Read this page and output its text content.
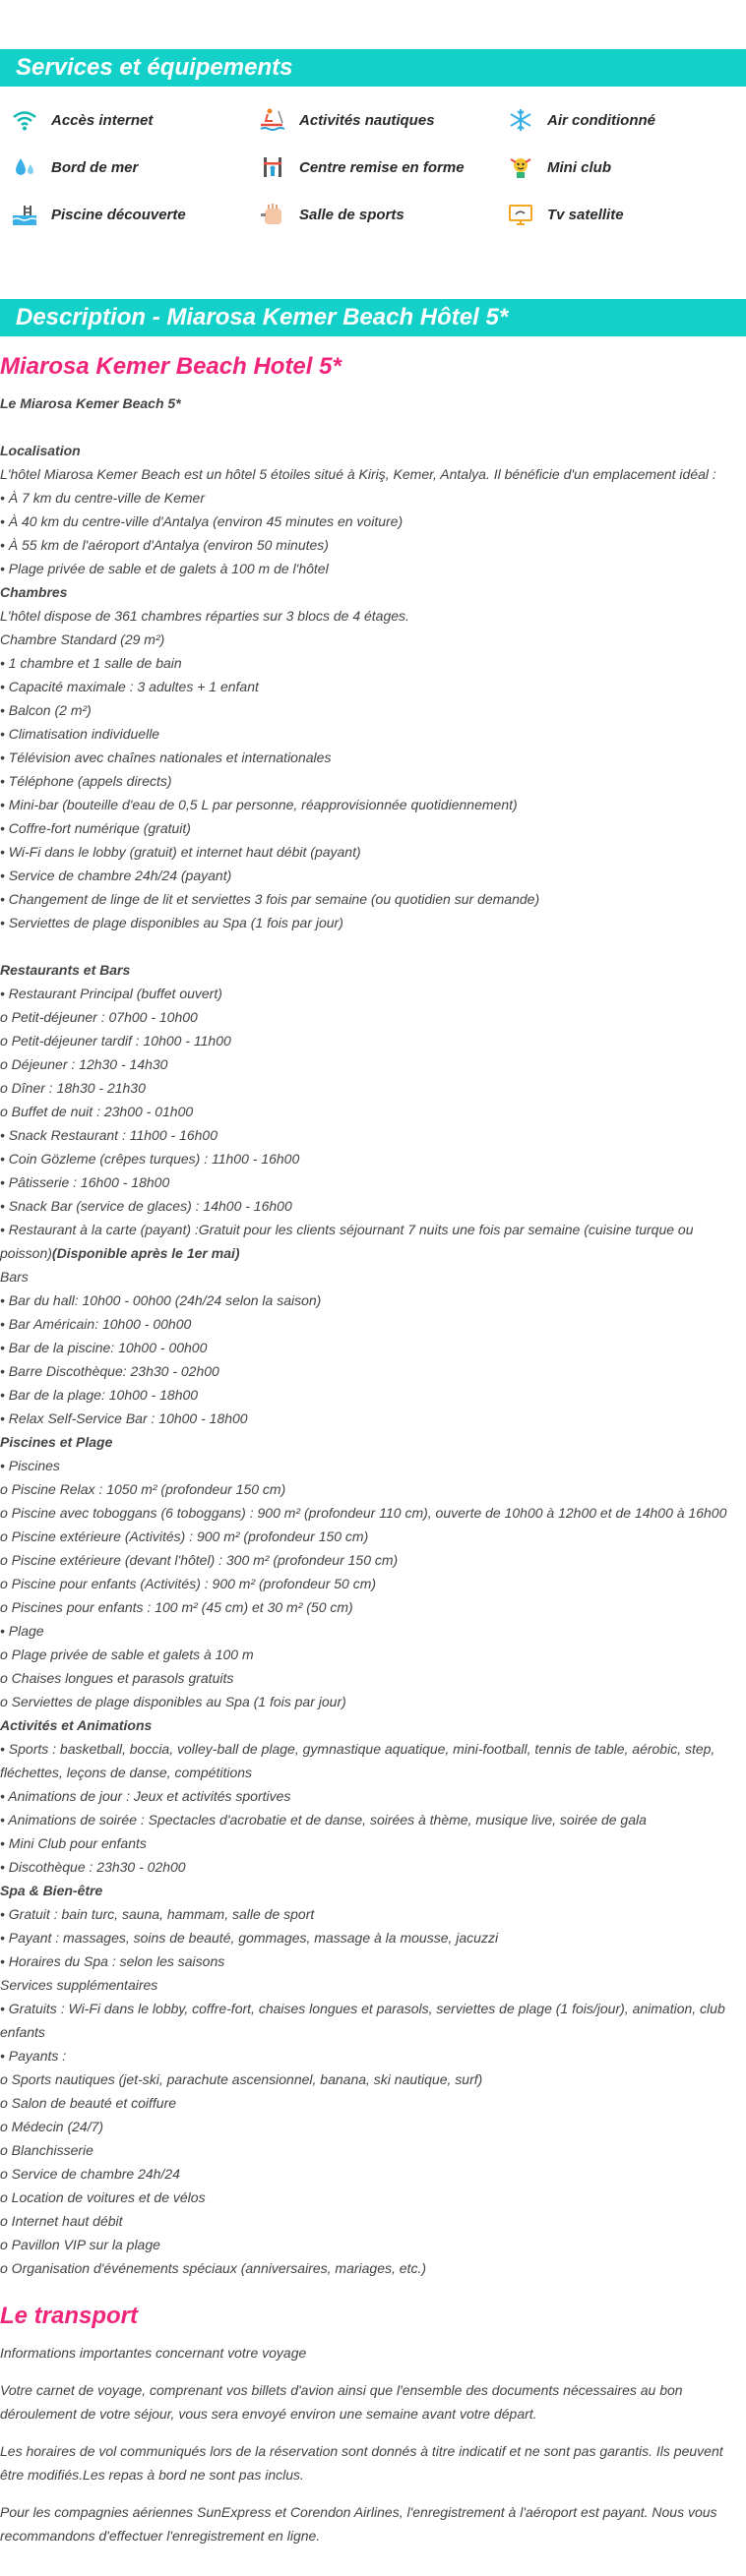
Services et équipements
Accès internet	Activités nautiques	Air conditionné
Bord de mer	Centre remise en forme	Mini club
Piscine découverte	Salle de sports	Tv satellite
Description - Miarosa Kemer Beach Hôtel 5*
Miarosa Kemer Beach Hotel 5*

Le Miarosa Kemer Beach 5*

Localisation

L'hôtel Miarosa Kemer Beach est un hôtel 5 étoiles situé à Kiriş, Kemer, Antalya. Il bénéficie d'un emplacement idéal :

• À 7 km du centre-ville de Kemer

• À 40 km du centre-ville d'Antalya (environ 45 minutes en voiture)

• À 55 km de l'aéroport d'Antalya (environ 50 minutes)

• Plage privée de sable et de galets à 100 m de l'hôtel

Chambres

L'hôtel dispose de 361 chambres réparties sur 3 blocs de 4 étages.

Chambre Standard (29 m²)

• 1 chambre et 1 salle de bain

• Capacité maximale : 3 adultes + 1 enfant

• Balcon (2 m²)

• Climatisation individuelle

• Télévision avec chaînes nationales et internationales

• Téléphone (appels directs)

• Mini-bar (bouteille d'eau de 0,5 L par personne, réapprovisionnée quotidiennement)

• Coffre-fort numérique (gratuit)

• Wi-Fi dans le lobby (gratuit) et internet haut débit (payant)

• Service de chambre 24h/24 (payant)

• Changement de linge de lit et serviettes 3 fois par semaine (ou quotidien sur demande)

• Serviettes de plage disponibles au Spa (1 fois par jour)

Restaurants et Bars

• Restaurant Principal (buffet ouvert)

o Petit-déjeuner : 07h00 - 10h00

o Petit-déjeuner tardif : 10h00 - 11h00

o Déjeuner : 12h30 - 14h30

o Dîner : 18h30 - 21h30

o Buffet de nuit : 23h00 - 01h00

• Snack Restaurant : 11h00 - 16h00

• Coin Gözleme (crêpes turques) : 11h00 - 16h00

• Pâtisserie : 16h00 - 18h00

• Snack Bar (service de glaces) : 14h00 - 16h00

• Restaurant à la carte (payant) :Gratuit pour les clients séjournant 7 nuits une fois par semaine (cuisine turque ou poisson)(Disponible après le 1er mai)

Bars

• Bar du hall: 10h00 - 00h00 (24h/24 selon la saison)

• Bar Américain: 10h00 - 00h00

• Bar de la piscine: 10h00 - 00h00

• Barre Discothèque: 23h30 - 02h00

• Bar de la plage: 10h00 - 18h00

• Relax Self-Service Bar : 10h00 - 18h00

Piscines et Plage

• Piscines

o Piscine Relax : 1050 m² (profondeur 150 cm)

o Piscine avec toboggans (6 toboggans) : 900 m² (profondeur 110 cm), ouverte de 10h00 à 12h00 et de 14h00 à 16h00

o Piscine extérieure (Activités) : 900 m² (profondeur 150 cm)

o Piscine extérieure (devant l'hôtel) : 300 m² (profondeur 150 cm)

o Piscine pour enfants (Activités) : 900 m² (profondeur 50 cm)

o Piscines pour enfants : 100 m² (45 cm) et 30 m² (50 cm)

• Plage

o Plage privée de sable et galets à 100 m

o Chaises longues et parasols gratuits

o Serviettes de plage disponibles au Spa (1 fois par jour)

Activités et Animations

• Sports : basketball, boccia, volley-ball de plage, gymnastique aquatique, mini-football, tennis de table, aérobic, step, fléchettes, leçons de danse, compétitions

• Animations de jour : Jeux et activités sportives

• Animations de soirée : Spectacles d'acrobatie et de danse, soirées à thème, musique live, soirée de gala

• Mini Club pour enfants

• Discothèque : 23h30 - 02h00

Spa & Bien-être

• Gratuit : bain turc, sauna, hammam, salle de sport

• Payant : massages, soins de beauté, gommages, massage à la mousse, jacuzzi

• Horaires du Spa : selon les saisons

Services supplémentaires

• Gratuits : Wi-Fi dans le lobby, coffre-fort, chaises longues et parasols, serviettes de plage (1 fois/jour), animation, club enfants

• Payants :

o Sports nautiques (jet-ski, parachute ascensionnel, banana, ski nautique, surf)

o Salon de beauté et coiffure

o Médecin (24/7)

o Blanchisserie

o Service de chambre 24h/24

o Location de voitures et de vélos

o Internet haut débit

o Pavillon VIP sur la plage

o Organisation d'événements spéciaux (anniversaires, mariages, etc.)

Le transport

Informations importantes concernant votre voyage

Votre carnet de voyage, comprenant vos billets d'avion ainsi que l'ensemble des documents nécessaires au bon déroulement de votre séjour, vous sera envoyé environ une semaine avant votre départ.

Les horaires de vol communiqués lors de la réservation sont donnés à titre indicatif et ne sont pas garantis. Ils peuvent être modifiés.Les repas à bord ne sont pas inclus.

Pour les compagnies aériennes SunExpress et Corendon Airlines, l'enregistrement à l'aéroport est payant. Nous vous recommandons d'effectuer l'enregistrement en ligne.
